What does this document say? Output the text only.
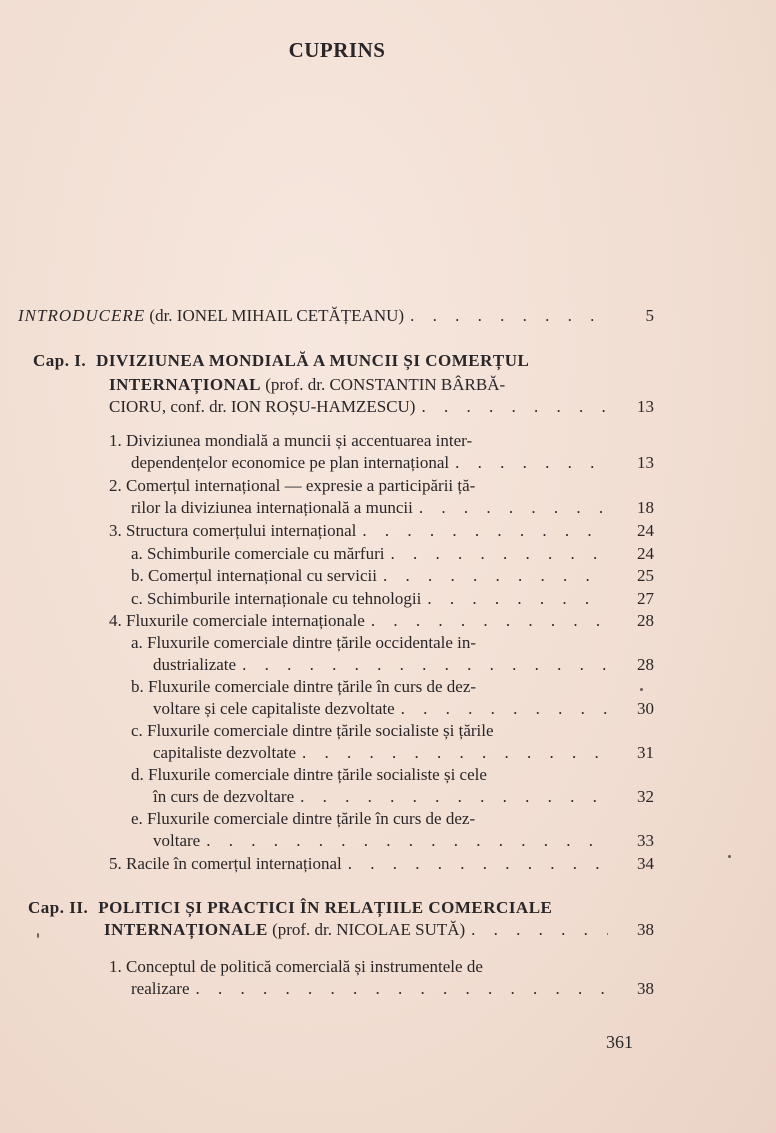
CUPRINS
INTRODUCERE (dr. IONEL MIHAIL CETĂȚEANU) . . .	5
Cap. I. DIVIZIUNEA MONDIALĂ A MUNCII ȘI COMERȚUL
INTERNAȚIONAL (prof. dr. CONSTANTIN BÂRBĂ-
CIORU, conf. dr. ION ROȘU-HAMZESCU) . . .	13
1. Diviziunea mondială a muncii și accentuarea inter-
dependențelor economice pe plan internațional . . .	13
2. Comerțul internațional — expresie a participării ță-
rilor la diviziunea internațională a muncii . . .	18
3. Structura comerțului internațional . . .	24
a. Schimburile comerciale cu mărfuri . . .	24
b. Comerțul internațional cu servicii . . .	25
c. Schimburile internaționale cu tehnologii . . .	27
4. Fluxurile comerciale internaționale . . .	28
a. Fluxurile comerciale dintre țările occidentale in-
dustrializate . . .	28
b. Fluxurile comerciale dintre țările în curs de dez-
voltare și cele capitaliste dezvoltate . . .	30
c. Fluxurile comerciale dintre țările socialiste și țările
capitaliste dezvoltate . . .	31
d. Fluxurile comerciale dintre țările socialiste și cele
în curs de dezvoltare . . .	32
e. Fluxurile comerciale dintre țările în curs de dez-
voltare . . .	33
5. Racile în comerțul internațional . . .	34
Cap. II. POLITICI ȘI PRACTICI ÎN RELAȚIILE COMERCIALE
INTERNAȚIONALE (prof. dr. NICOLAE SUTĂ) . . .	38
1. Conceptul de politică comercială și instrumentele de
realizare . . .	38
361
